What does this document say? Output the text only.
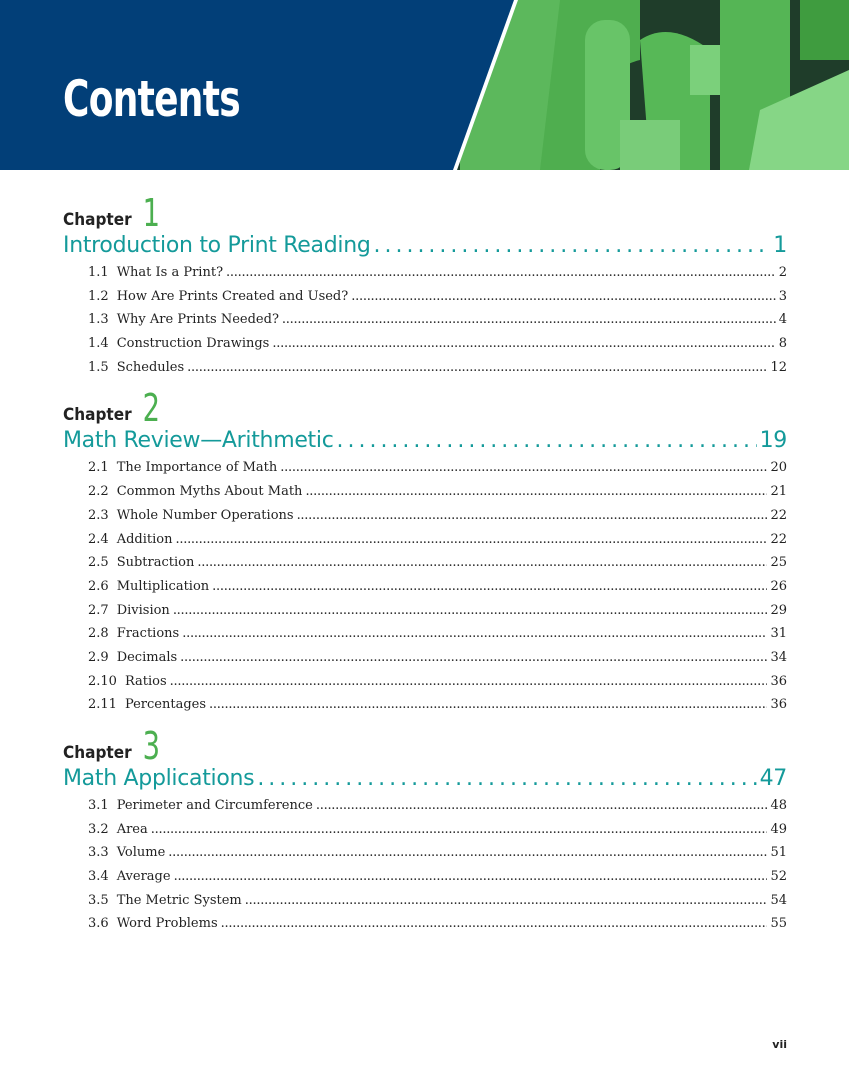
Contents
Chapter 1
Introduction to Print Reading . . .	1
1.1 What Is a Print? . . .	2
1.2 How Are Prints Created and Used? . . .	3
1.3 Why Are Prints Needed? . . .	4
1.4 Construction Drawings . . .	8
1.5 Schedules . . .	12
Chapter 2
Math Review—Arithmetic . . .	19
2.1 The Importance of Math . . .	20
2.2 Common Myths About Math . . .	21
2.3 Whole Number Operations . . .	22
2.4 Addition . . .	22
2.5 Subtraction . . .	25
2.6 Multiplication . . .	26
2.7 Division . . .	29
2.8 Fractions . . .	31
2.9 Decimals . . .	34
2.10 Ratios . . .	36
2.11 Percentages . . .	36
Chapter 3
Math Applications . . .	47
3.1 Perimeter and Circumference . . .	48
3.2 Area . . .	49
3.3 Volume . . .	51
3.4 Average . . .	52
3.5 The Metric System . . .	54
3.6 Word Problems . . .	55
vii
